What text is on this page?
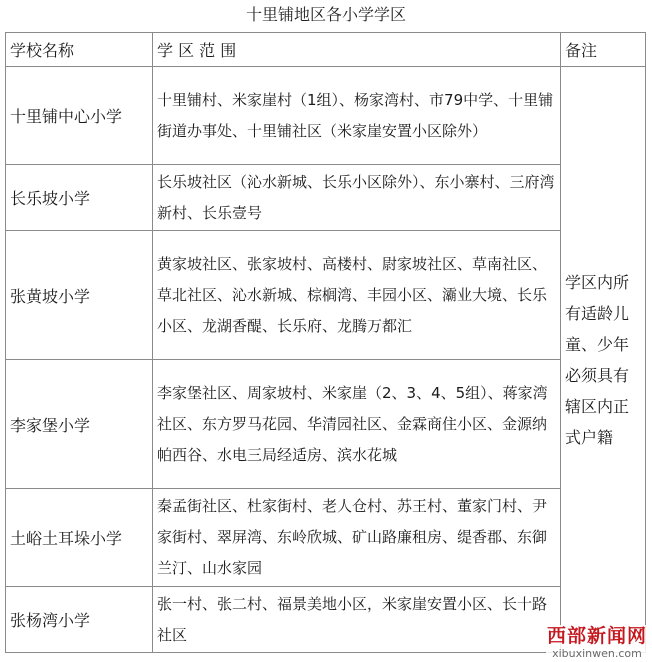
十里铺地区各小学学区
学校名称	学 区 范 围	备注
十里铺中心小学	十里铺村、米家崖村（1组）、杨家湾村、市79中学、十里铺街道办事处、十里铺社区（米家崖安置小区除外）	学区内所有适龄儿童、少年必须具有辖区内正式户籍
长乐坡小学	长乐坡社区（沁水新城、长乐小区除外）、东小寨村、三府湾新村、长乐壹号	
张黄坡小学	黄家坡社区、张家坡村、高楼村、尉家坡社区、草南社区、草北社区、沁水新城、棕榈湾、丰园小区、灞业大境、长乐小区、龙湖香醍、长乐府、龙腾万都汇	
李家堡小学	李家堡社区、周家坡村、米家崖（2、3、4、5组）、蒋家湾社区、东方罗马花园、华清园社区、金霖商住小区、金源纳帕西谷、水电三局经适房、滨水花城	
土峪土耳垛小学	秦孟街社区、杜家街村、老人仓村、苏王村、董家门村、尹家街村、翠屏湾、东岭欣城、矿山路廉租房、缇香郡、东御兰汀、山水家园	
张杨湾小学	张一村、张二村、福景美地小区，米家崖安置小区、长十路社区		西部新闻网
xibuxinwen.com
